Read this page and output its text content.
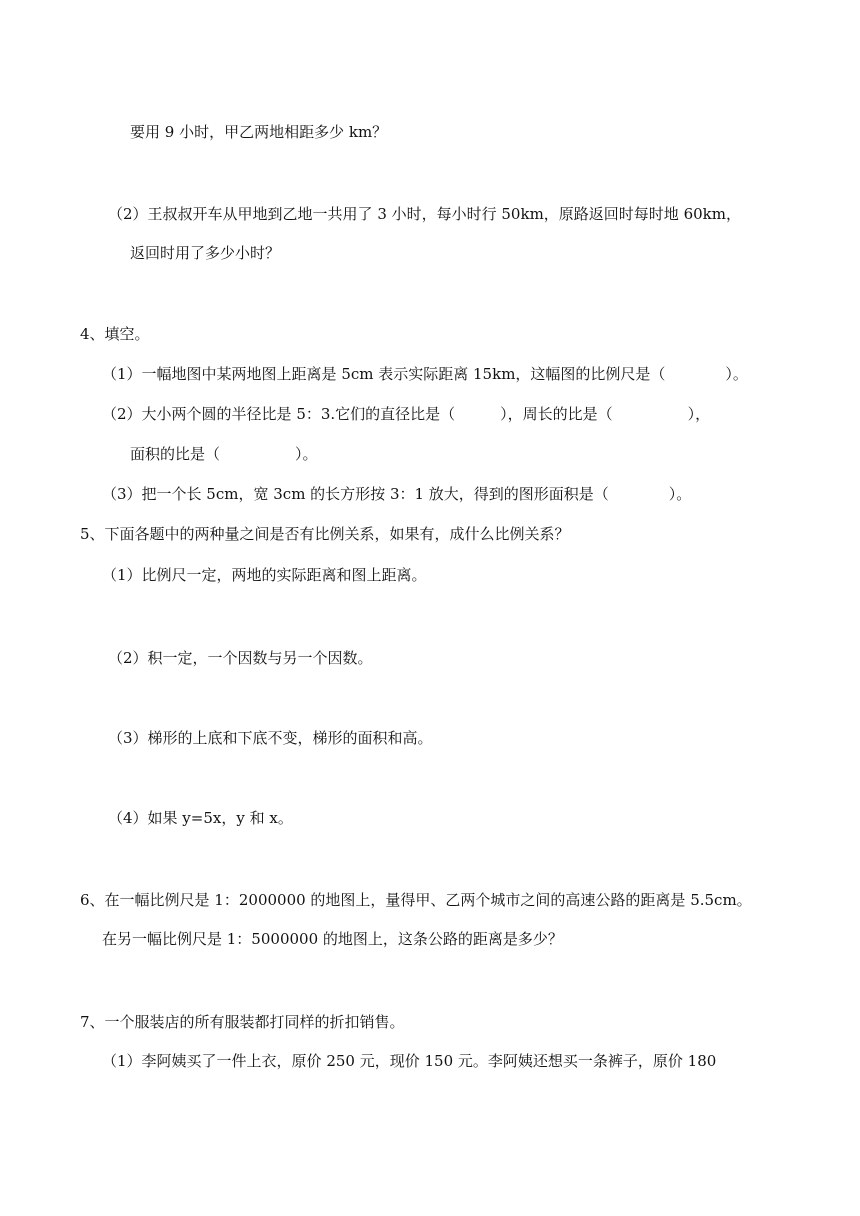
要用 9 小时，甲乙两地相距多少 km？
（2）王叔叔开车从甲地到乙地一共用了 3 小时，每小时行 50km，原路返回时每时地 60km，
返回时用了多少小时？
4、填空。
（1）一幅地图中某两地图上距离是 5cm 表示实际距离 15km，这幅图的比例尺是（　　　　）。
（2）大小两个圆的半径比是 5：3.它们的直径比是（　　　），周长的比是（　　　　　），
面积的比是（　　　　　）。
（3）把一个长 5cm，宽 3cm 的长方形按 3：1 放大，得到的图形面积是（　　　　）。
5、下面各题中的两种量之间是否有比例关系，如果有，成什么比例关系？
（1）比例尺一定，两地的实际距离和图上距离。
（2）积一定，一个因数与另一个因数。
（3）梯形的上底和下底不变，梯形的面积和高。
（4）如果 y=5x，y 和 x。
6、在一幅比例尺是 1：2000000 的地图上，量得甲、乙两个城市之间的高速公路的距离是 5.5cm。
在另一幅比例尺是 1：5000000 的地图上，这条公路的距离是多少？
7、一个服装店的所有服装都打同样的折扣销售。
（1）李阿姨买了一件上衣，原价 250 元，现价 150 元。李阿姨还想买一条裤子，原价 180
